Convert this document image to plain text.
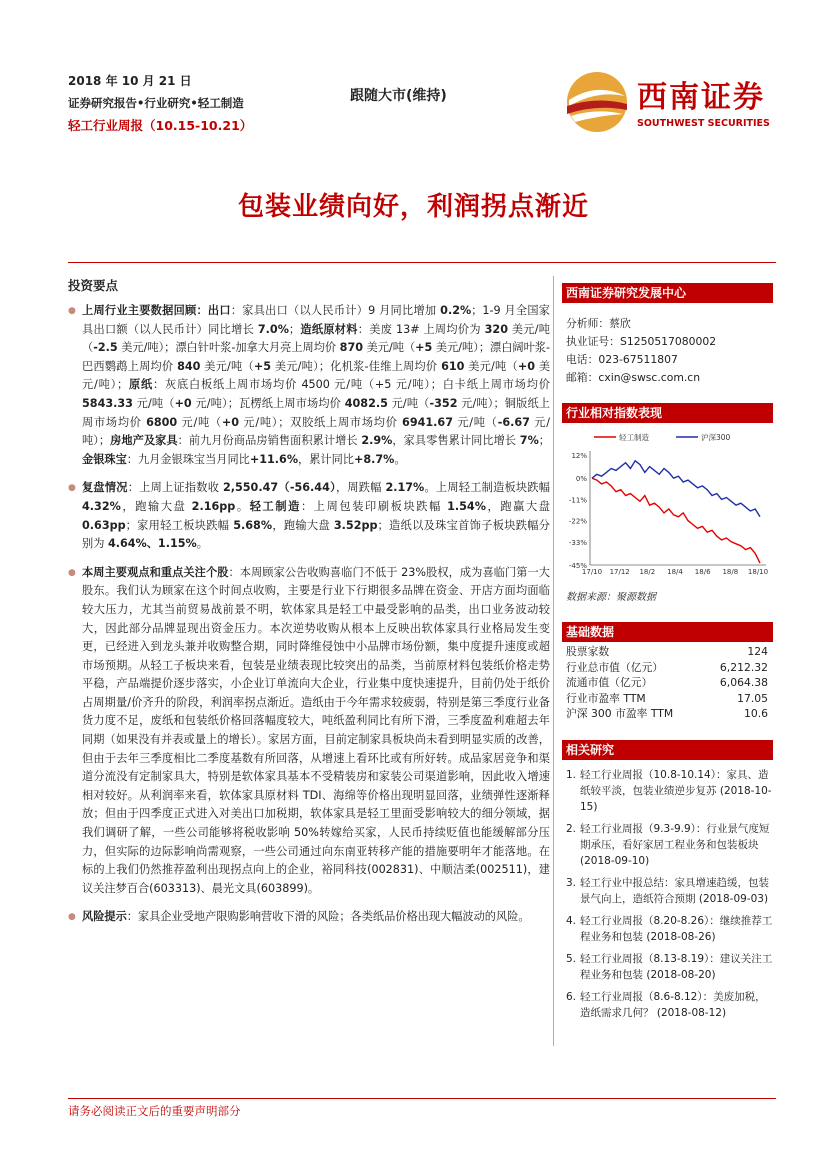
2018 年 10 月 21 日
证券研究报告•行业研究•轻工制造
轻工行业周报（10.15-10.21）
跟随大市(维持)	西南证券
SOUTHWEST SECURITIES
包装业绩向好，利润拐点渐近
投资要点
● 上周行业主要数据回顾：出口：家具出口（以人民币计）9 月同比增加 0.2%；1-9 月全国家具出口额（以人民币计）同比增长 7.0%；造纸原材料：美废 13# 上周均价为 320 美元/吨（-2.5 美元/吨）；漂白针叶浆-加拿大月亮上周均价 870 美元/吨（+5 美元/吨）；漂白阔叶浆-巴西鹦鹉上周均价 840 美元/吨（+5 美元/吨）；化机浆-佳维上周均价 610 美元/吨（+0 美元/吨）；原纸：灰底白板纸上周市场均价 4500 元/吨（+5 元/吨）；白卡纸上周市场均价 5843.33 元/吨（+0 元/吨）；瓦楞纸上周市场均价 4082.5 元/吨（-352 元/吨）；铜版纸上周市场均价 6800 元/吨（+0 元/吨）；双胶纸上周市场均价 6941.67 元/吨（-6.67 元/吨）；房地产及家具：前九月份商品房销售面积累计增长 2.9%，家具零售累计同比增长 7%；金银珠宝：九月金银珠宝当月同比+11.6%，累计同比+8.7%。
● 复盘情况：上周上证指数收 2,550.47（-56.44），周跌幅 2.17%。上周轻工制造板块跌幅 4.32%，跑输大盘 2.16pp。轻工制造：上周包装印刷板块跌幅 1.54%，跑赢大盘 0.63pp；家用轻工板块跌幅 5.68%，跑输大盘 3.52pp；造纸以及珠宝首饰子板块跌幅分别为 4.64%、1.15%。
● 本周主要观点和重点关注个股：本周顾家公告收购喜临门不低于 23%股权，成为喜临门第一大股东。我们认为顾家在这个时间点收购，主要是行业下行期很多品牌在资金、开店方面均面临较大压力，尤其当前贸易战前景不明，软体家具是轻工中最受影响的品类，出口业务波动较大，因此部分品牌显现出资金压力。本次逆势收购从根本上反映出软体家具行业格局发生变更，已经进入到龙头兼并收购整合期，同时降维侵蚀中小品牌市场份额，集中度提升速度或超市场预期。从轻工子板块来看，包装是业绩表现比较突出的品类，当前原材料包装纸价格走势平稳，产品端提价逐步落实，小企业订单流向大企业，行业集中度快速提升，目前仍处于纸价占周期量/价齐升的阶段，利润率拐点渐近。造纸由于今年需求较疲弱，特别是第三季度行业备货力度不足，废纸和包装纸价格回落幅度较大，吨纸盈利同比有所下滑，三季度盈利难超去年同期（如果没有并表或量上的增长）。家居方面，目前定制家具板块尚未看到明显实质的改善，但由于去年三季度相比二季度基数有所回落，从增速上看环比或有所好转。成品家居竞争和渠道分流没有定制家具大，特别是软体家具基本不受精装房和家装公司渠道影响，因此收入增速相对较好。从利润率来看，软体家具原材料 TDI、海绵等价格出现明显回落，业绩弹性逐渐释放；但由于四季度正式进入对美出口加税期，软体家具是轻工里面受影响较大的细分领域，据我们调研了解，一些公司能够将税收影响 50%转嫁给买家，人民币持续贬值也能缓解部分压力，但实际的边际影响尚需观察，一些公司通过向东南亚转移产能的措施要明年才能落地。在标的上我们仍然推荐盈利出现拐点向上的企业，裕同科技(002831)、中顺洁柔(002511)，建议关注梦百合(603313)、晨光文具(603899)。
● 风险提示：家具企业受地产限购影响营收下滑的风险；各类纸品价格出现大幅波动的风险。
西南证券研究发展中心
分析师：蔡欣
执业证号：S1250517080002
电话：023-67511807
邮箱：cxin@swsc.com.cn
行业相对指数表现
12%
0%
-11%
-22%
-33%
-45%
17/10 17/12 18/2 18/4 18/6 18/8 18/10
轻工制造	沪深300
数据来源：聚源数据
基础数据
股票家数	124
行业总市值（亿元）	6,212.32
流通市值（亿元）	6,064.38
行业市盈率 TTM	17.05
沪深 300 市盈率 TTM	10.6
相关研究
1. 轻工行业周报（10.8-10.14）：家具、造纸较平淡，包装业绩逆步复苏 (2018-10-15)
2. 轻工行业周报（9.3-9.9）：行业景气度短期承压，看好家居工程业务和包装板块 (2018-09-10)
3. 轻工行业中报总结：家具增速趋缓，包装景气向上，造纸符合预期 (2018-09-03)
4. 轻工行业周报（8.20-8.26）：继续推荐工程业务和包装 (2018-08-26)
5. 轻工行业周报（8.13-8.19）：建议关注工程业务和包装 (2018-08-20)
6. 轻工行业周报（8.6-8.12）：美废加税，造纸需求几何？ (2018-08-12)
请务必阅读正文后的重要声明部分
